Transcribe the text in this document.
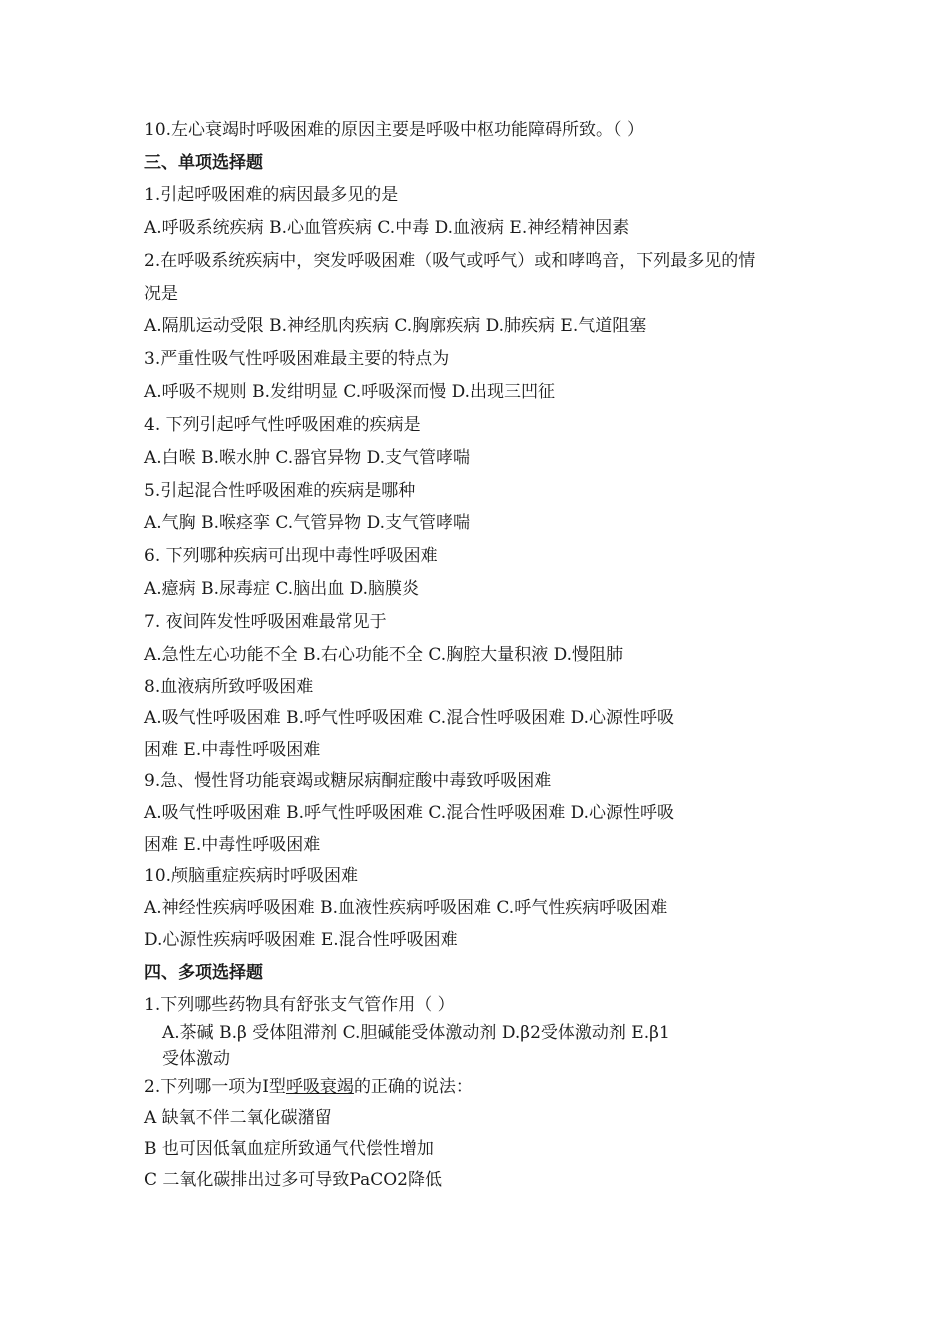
10.左心衰竭时呼吸困难的原因主要是呼吸中枢功能障碍所致。（ ）
三、单项选择题
1.引起呼吸困难的病因最多见的是
A.呼吸系统疾病 B.心血管疾病 C.中毒 D.血液病 E.神经精神因素
2.在呼吸系统疾病中，突发呼吸困难（吸气或呼气）或和哮鸣音，下列最多见的情
况是
A.隔肌运动受限 B.神经肌肉疾病 C.胸廓疾病 D.肺疾病 E.气道阻塞
3.严重性吸气性呼吸困难最主要的特点为
A.呼吸不规则 B.发绀明显 C.呼吸深而慢 D.出现三凹征
4. 下列引起呼气性呼吸困难的疾病是
A.白喉 B.喉水肿 C.器官异物 D.支气管哮喘
5.引起混合性呼吸困难的疾病是哪种
A.气胸 B.喉痉挛 C.气管异物 D.支气管哮喘
6. 下列哪种疾病可出现中毒性呼吸困难
A.癔病 B.尿毒症 C.脑出血 D.脑膜炎
7. 夜间阵发性呼吸困难最常见于
A.急性左心功能不全 B.右心功能不全 C.胸腔大量积液 D.慢阻肺
8.血液病所致呼吸困难
A.吸气性呼吸困难 B.呼气性呼吸困难 C.混合性呼吸困难 D.心源性呼吸
困难 E.中毒性呼吸困难
9.急、慢性肾功能衰竭或糖尿病酮症酸中毒致呼吸困难
A.吸气性呼吸困难 B.呼气性呼吸困难 C.混合性呼吸困难 D.心源性呼吸
困难 E.中毒性呼吸困难
10.颅脑重症疾病时呼吸困难
A.神经性疾病呼吸困难 B.血液性疾病呼吸困难 C.呼气性疾病呼吸困难
D.心源性疾病呼吸困难 E.混合性呼吸困难
四、多项选择题
1.下列哪些药物具有舒张支气管作用（ ）
A.茶碱 B.β 受体阻滞剂 C.胆碱能受体激动剂 D.β2受体激动剂 E.β1
受体激动
2.下列哪一项为Ⅰ型呼吸衰竭的正确的说法：
A 缺氧不伴二氧化碳潴留
B 也可因低氧血症所致通气代偿性增加
C 二氧化碳排出过多可导致PaCO2降低
